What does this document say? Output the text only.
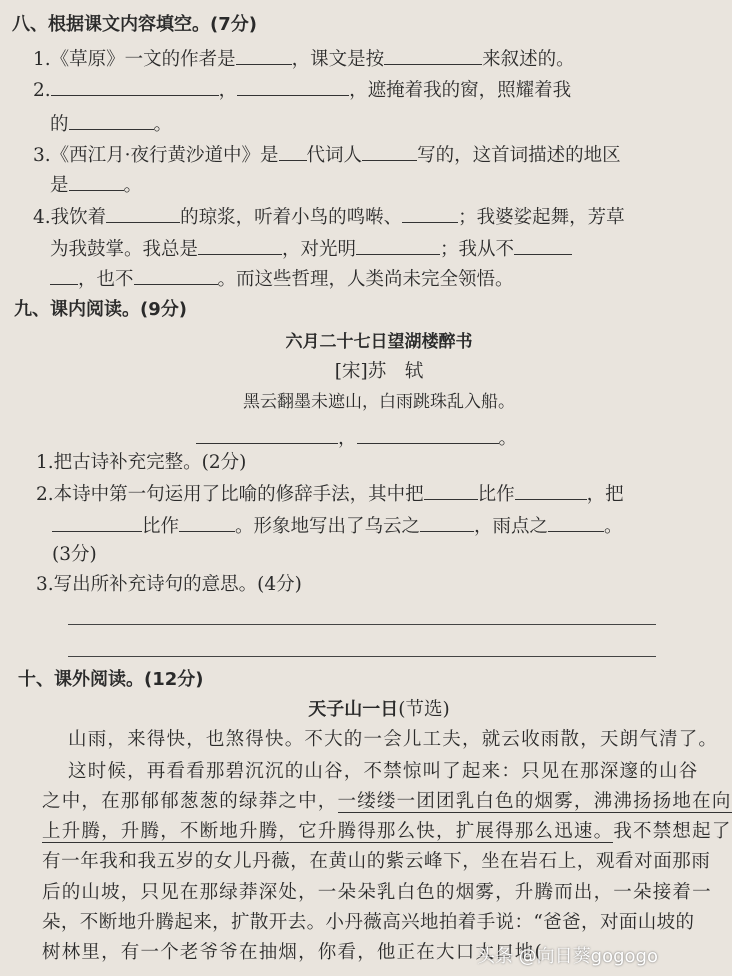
八、根据课文内容填空。(7分)
1.《草原》一文的作者是	，课文是按	来叙述的。
2.	，	，遮掩着我的窗，照耀着我
的	。
3.《西江月·夜行黄沙道中》是 代词人	写的，这首词描述的地区
是	。
4.我饮着	的琼浆，听着小鸟的鸣啭、	；我婆娑起舞，芳草
为我鼓掌。我总是	，对光明	；我从不
，也不	。而这些哲理，人类尚未完全领悟。
九、课内阅读。(9分)
六月二十七日望湖楼醉书
[宋]苏　轼
黑云翻墨未遮山，白雨跳珠乱入船。
，	。
1.把古诗补充完整。(2分)
2.本诗中第一句运用了比喻的修辞手法，其中把	比作	，把
比作	。形象地写出了乌云之	，雨点之	。
(3分)
3.写出所补充诗句的意思。(4分)
十、课外阅读。(12分)
天子山一日(节选)
山雨，来得快，也煞得快。不大的一会儿工夫，就云收雨散，天朗气清了。
这时候，再看看那碧沉沉的山谷，不禁惊叫了起来：只见在那深邃的山谷
之中，在那郁郁葱葱的绿莽之中，一缕缕一团团乳白色的烟雾，沸沸扬扬地在向
上升腾，升腾，不断地升腾，它升腾得那么快，扩展得那么迅速。我不禁想起了
有一年我和我五岁的女儿丹薇，在黄山的紫云峰下，坐在岩石上，观看对面那雨
后的山坡，只见在那绿莽深处，一朵朵乳白色的烟雾，升腾而出，一朵接着一
朵，不断地升腾起来，扩散开去。小丹薇高兴地拍着手说：“爸爸，对面山坡的
树林里，有一个老爷爷在抽烟，你看，他正在大口大口地(
头条 @向日葵gogogo
